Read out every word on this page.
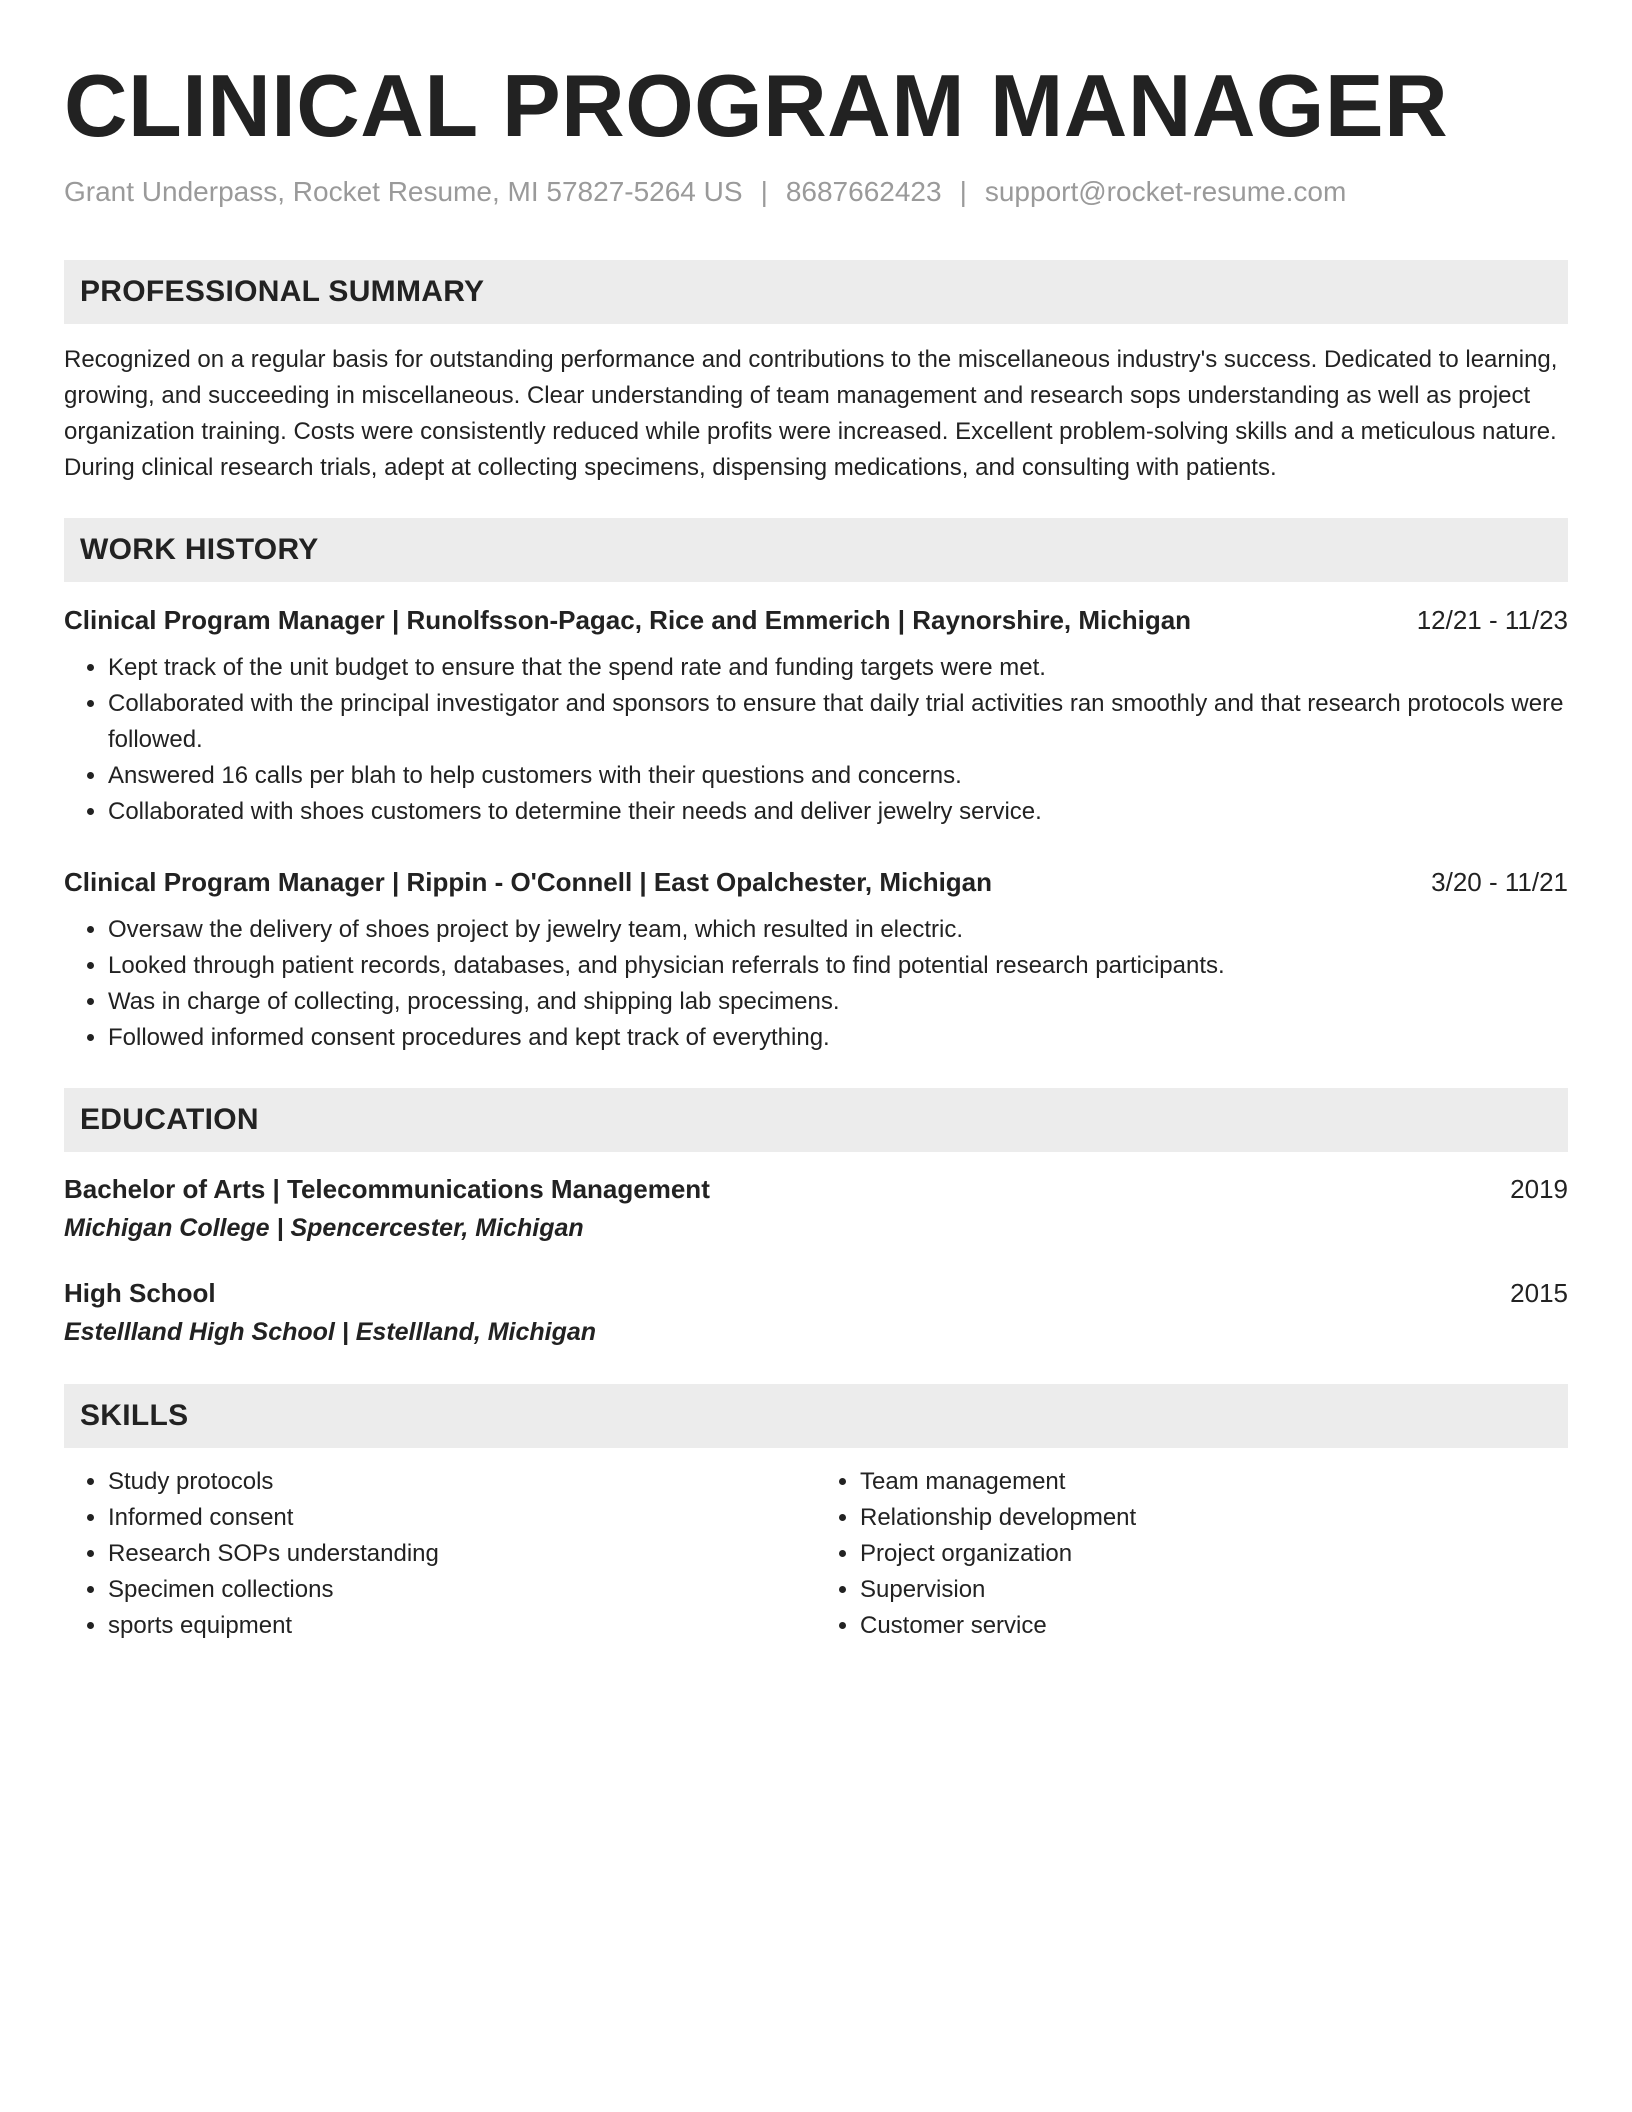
CLINICAL PROGRAM MANAGER
Grant Underpass, Rocket Resume, MI 57827-5264 US | 8687662423 | support@rocket-resume.com
PROFESSIONAL SUMMARY
Recognized on a regular basis for outstanding performance and contributions to the miscellaneous industry's success. Dedicated to learning, growing, and succeeding in miscellaneous. Clear understanding of team management and research sops understanding as well as project organization training. Costs were consistently reduced while profits were increased. Excellent problem-solving skills and a meticulous nature. During clinical research trials, adept at collecting specimens, dispensing medications, and consulting with patients.
WORK HISTORY
Clinical Program Manager | Runolfsson-Pagac, Rice and Emmerich | Raynorshire, Michigan	12/21 - 11/23
• Kept track of the unit budget to ensure that the spend rate and funding targets were met.
• Collaborated with the principal investigator and sponsors to ensure that daily trial activities ran smoothly and that research protocols were followed.
• Answered 16 calls per blah to help customers with their questions and concerns.
• Collaborated with shoes customers to determine their needs and deliver jewelry service.
Clinical Program Manager | Rippin - O'Connell | East Opalchester, Michigan	3/20 - 11/21
• Oversaw the delivery of shoes project by jewelry team, which resulted in electric.
• Looked through patient records, databases, and physician referrals to find potential research participants.
• Was in charge of collecting, processing, and shipping lab specimens.
• Followed informed consent procedures and kept track of everything.
EDUCATION
Bachelor of Arts | Telecommunications Management	2019
Michigan College | Spencercester, Michigan
High School	2015
Estellland High School | Estellland, Michigan
SKILLS
• Study protocols
• Informed consent
• Research SOPs understanding
• Specimen collections
• sports equipment
• Team management
• Relationship development
• Project organization
• Supervision
• Customer service
